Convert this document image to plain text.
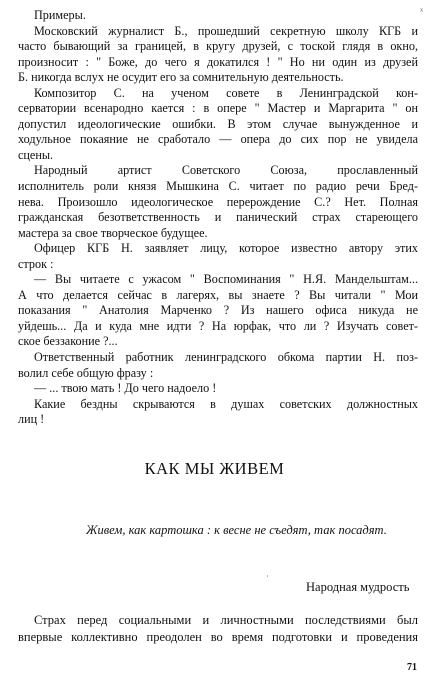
ˣ
Примеры.
Московский журналист Б., прошедший секретную школу КГБ и
часто бывающий за границей, в кругу друзей, с тоской глядя в окно,
произносит : " Боже, до чего я докатился ! " Но ни один из друзей
Б. никогда вслух не осудит его за сомнительную деятельность.
Композитор С. на ученом совете в Ленинградской кон-
серватории всенародно кается : в опере " Мастер и Маргарита " он
допустил идеологические ошибки. В этом случае вынужденное и
ходульное покаяние не сработало — опера до сих пор не увидела
сцены.
Народный артист Советского Союза, прославленный
исполнитель роли князя Мышкина С. читает по радио речи Бред-
нева. Произошло идеологическое перерождение С.? Нет. Полная
гражданская безответственность и панический страх стареющего
мастера за свое творческое будущее.
Офицер КГБ Н. заявляет лицу, которое известно автору этих
строк :
— Вы читаете с ужасом " Воспоминания " Н.Я. Мандельштам...
А что делается сейчас в лагерях, вы знаете ? Вы читали " Мои
показания " Анатолия Марченко ? Из нашего офиса никуда не
уйдешь... Да и куда мне идти ? На юрфак, что ли ? Изучать совет-
ское беззаконие ?...
Ответственный работник ленинградского обкома партии Н. поз-
волил себе общую фразу :
— ... твою мать ! До чего надоело !
Какие бездны скрываются в душах советских должностных
лиц !
КАК МЫ ЖИВЕМ
Живем, как картошка : к весне не съедят, так посадят.
·
Народная мудрость
Страх перед социальными и личностными последствиями был
впервые коллективно преодолен во время подготовки и проведения
71
